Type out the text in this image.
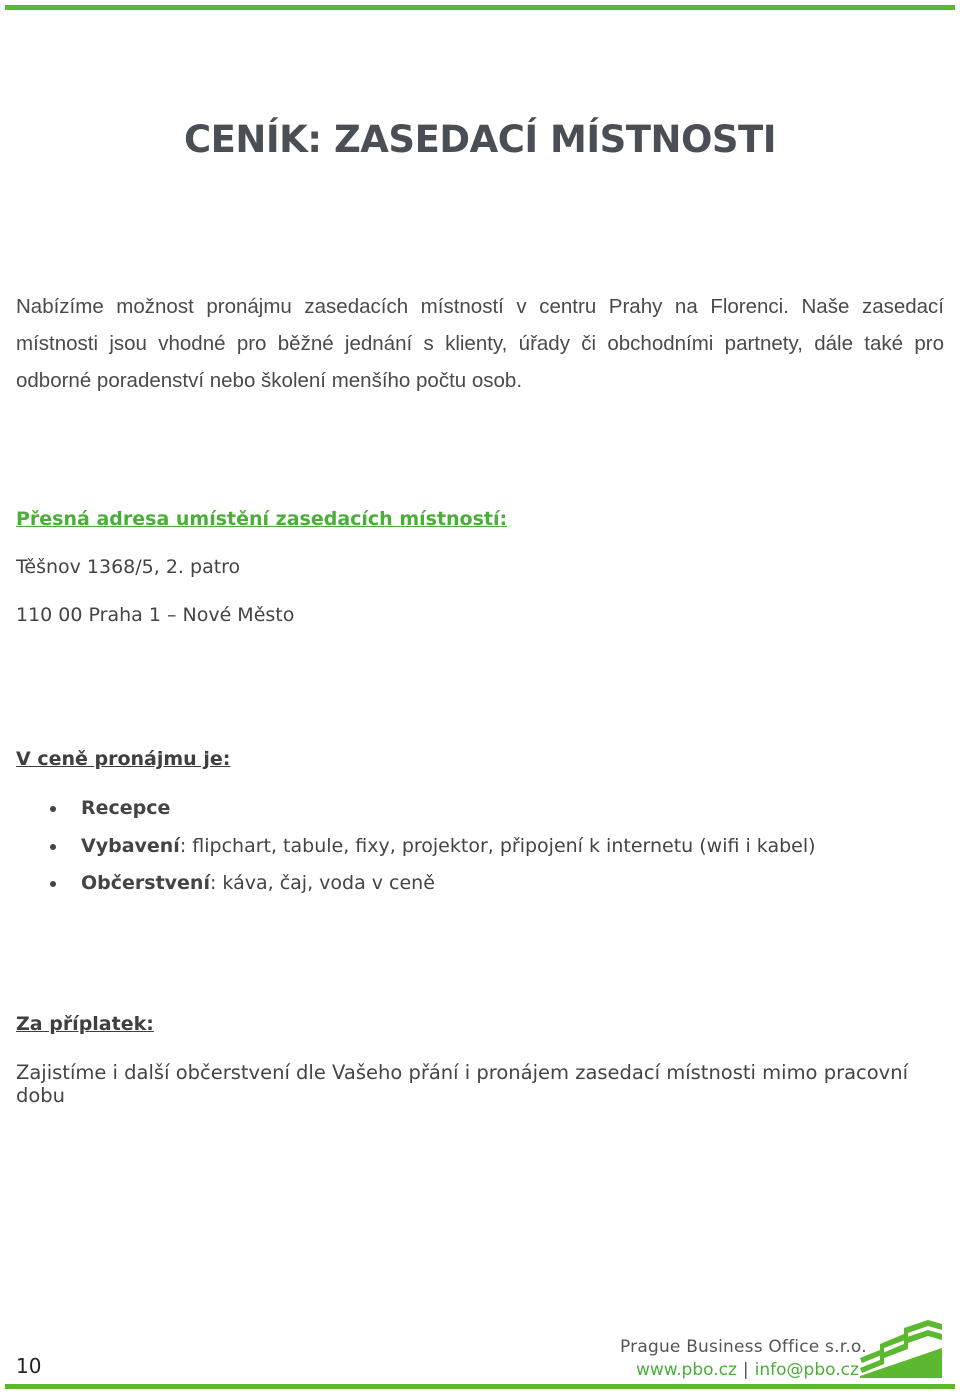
CENÍK: ZASEDACÍ MÍSTNOSTI

Nabízíme možnost pronájmu zasedacích místností v centru Prahy na Florenci. Naše zasedací místnosti jsou vhodné pro běžné jednání s klienty, úřady či obchodními partnety, dále také pro odborné poradenství nebo školení menšího počtu osob.

Přesná adresa umístění zasedacích místností:

Těšnov 1368/5, 2. patro

110 00 Praha 1 – Nové Město

V ceně pronájmu je:
Recepce
Vybavení: flipchart, tabule, fixy, projektor, připojení k internetu (wifi i kabel)
Občerstvení: káva, čaj, voda v ceně
Za příplatek:

Zajistíme i další občerstvení dle Vašeho přání i pronájem zasedací místnosti mimo pracovní dobu

10
Prague Business Office s.r.o.
www.pbo.cz | info@pbo.cz
